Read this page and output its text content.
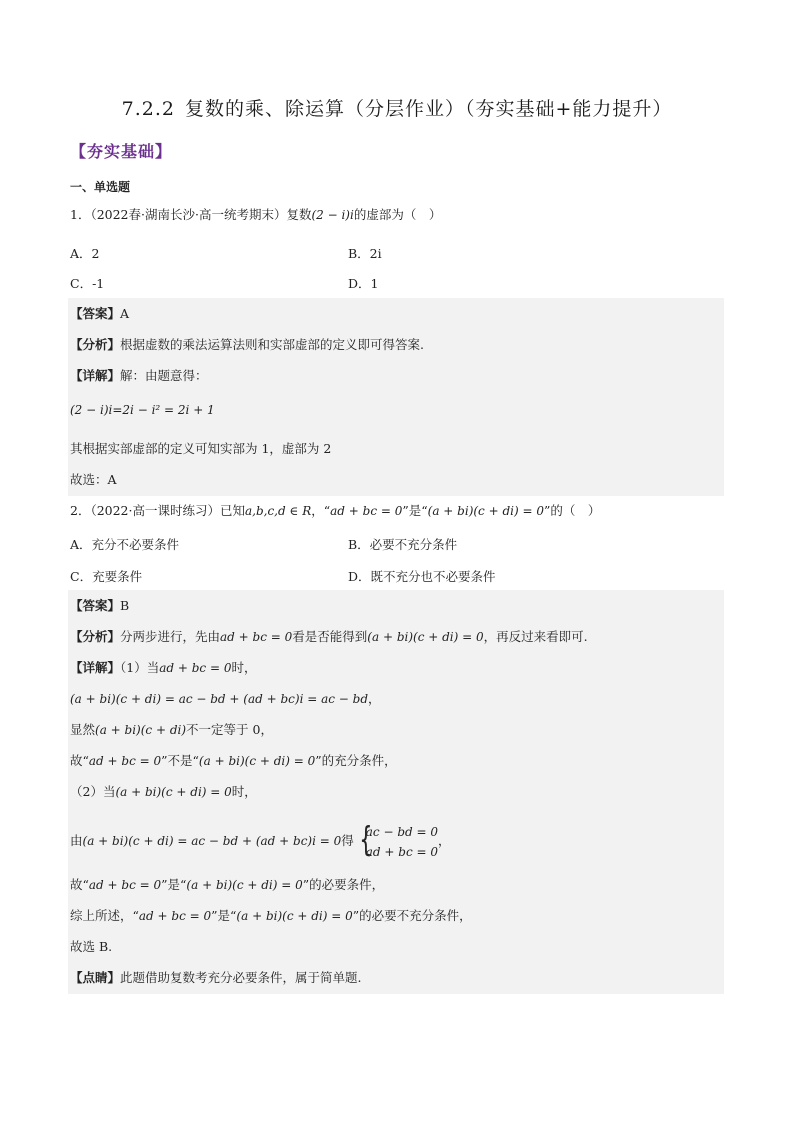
7.2.2 复数的乘、除运算（分层作业）（夯实基础+能力提升）
【夯实基础】
一、单选题
1．（2022春·湖南长沙·高一统考期末）复数(2 − i)i的虚部为（　）
A．2	B．2i
C．-1	D．1
【答案】A
【分析】根据虚数的乘法运算法则和实部虚部的定义即可得答案.
【详解】解：由题意得：
(2 − i)i=2i − i² = 2i + 1
其根据实部虚部的定义可知实部为 1，虚部为 2
故选：A
2．（2022·高一课时练习）已知a,b,c,d ∈ R，“ad + bc = 0”是“(a + bi)(c + di) = 0”的（　）
A．充分不必要条件	B．必要不充分条件
C．充要条件	D．既不充分也不必要条件
【答案】B
【分析】分两步进行，先由ad + bc = 0看是否能得到(a + bi)(c + di) = 0，再反过来看即可.
【详解】（1）当ad + bc = 0时，
(a + bi)(c + di) = ac − bd + (ad + bc)i = ac − bd，
显然(a + bi)(c + di)不一定等于 0，
故“ad + bc = 0”不是“(a + bi)(c + di) = 0”的充分条件，
（2）当(a + bi)(c + di) = 0时，
由(a + bi)(c + di) = ac − bd + (ad + bc)i = 0得 {
ac − bd = 0
ad + bc = 0
，
故“ad + bc = 0”是“(a + bi)(c + di) = 0”的必要条件，
综上所述，“ad + bc = 0”是“(a + bi)(c + di) = 0”的必要不充分条件，
故选 B.
【点睛】此题借助复数考充分必要条件，属于简单题.
